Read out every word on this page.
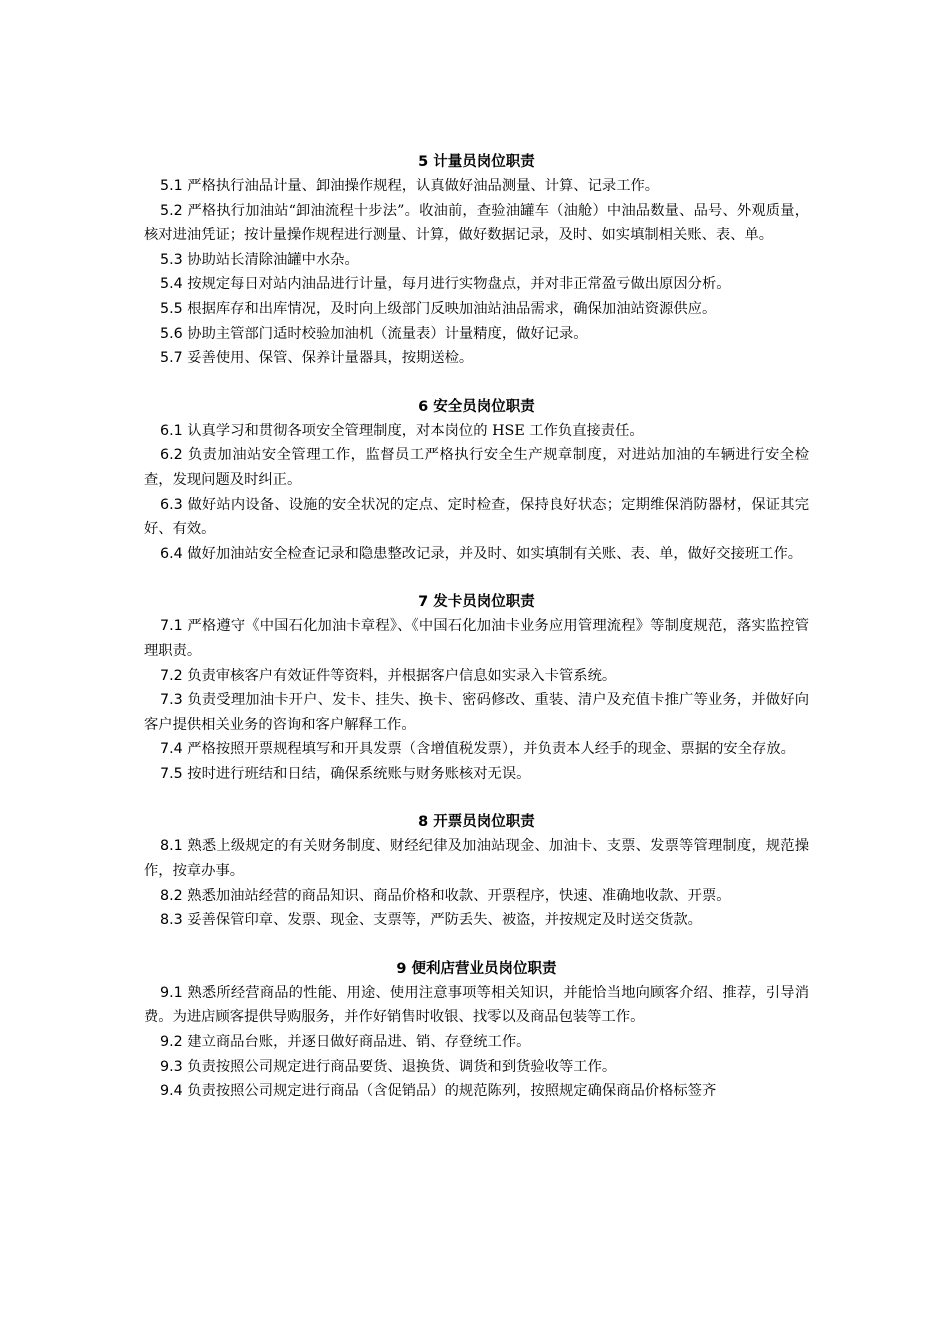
5 计量员岗位职责

5.1 严格执行油品计量、卸油操作规程，认真做好油品测量、计算、记录工作。

5.2 严格执行加油站“卸油流程十步法”。收油前，查验油罐车（油舱）中油品数量、品号、外观质量，核对进油凭证；按计量操作规程进行测量、计算，做好数据记录，及时、如实填制相关账、表、单。

5.3 协助站长清除油罐中水杂。

5.4 按规定每日对站内油品进行计量，每月进行实物盘点，并对非正常盈亏做出原因分析。

5.5 根据库存和出库情况，及时向上级部门反映加油站油品需求，确保加油站资源供应。

5.6 协助主管部门适时校验加油机（流量表）计量精度，做好记录。

5.7 妥善使用、保管、保养计量器具，按期送检。

6 安全员岗位职责

6.1 认真学习和贯彻各项安全管理制度，对本岗位的 HSE 工作负直接责任。

6.2 负责加油站安全管理工作，监督员工严格执行安全生产规章制度，对进站加油的车辆进行安全检查，发现问题及时纠正。

6.3 做好站内设备、设施的安全状况的定点、定时检查，保持良好状态；定期维保消防器材，保证其完好、有效。

6.4 做好加油站安全检查记录和隐患整改记录，并及时、如实填制有关账、表、单，做好交接班工作。

7 发卡员岗位职责

7.1 严格遵守《中国石化加油卡章程》、《中国石化加油卡业务应用管理流程》等制度规范，落实监控管理职责。

7.2 负责审核客户有效证件等资料，并根据客户信息如实录入卡管系统。

7.3 负责受理加油卡开户、发卡、挂失、换卡、密码修改、重装、清户及充值卡推广等业务，并做好向客户提供相关业务的咨询和客户解释工作。

7.4 严格按照开票规程填写和开具发票（含增值税发票），并负责本人经手的现金、票据的安全存放。

7.5 按时进行班结和日结，确保系统账与财务账核对无误。

8 开票员岗位职责

8.1 熟悉上级规定的有关财务制度、财经纪律及加油站现金、加油卡、支票、发票等管理制度，规范操作，按章办事。

8.2 熟悉加油站经营的商品知识、商品价格和收款、开票程序，快速、准确地收款、开票。

8.3 妥善保管印章、发票、现金、支票等，严防丢失、被盗，并按规定及时送交货款。

9 便利店营业员岗位职责

9.1 熟悉所经营商品的性能、用途、使用注意事项等相关知识，并能恰当地向顾客介绍、推荐，引导消费。为进店顾客提供导购服务，并作好销售时收银、找零以及商品包装等工作。

9.2 建立商品台账，并逐日做好商品进、销、存登统工作。

9.3 负责按照公司规定进行商品要货、退换货、调货和到货验收等工作。

9.4 负责按照公司规定进行商品（含促销品）的规范陈列，按照规定确保商品价格标签齐
